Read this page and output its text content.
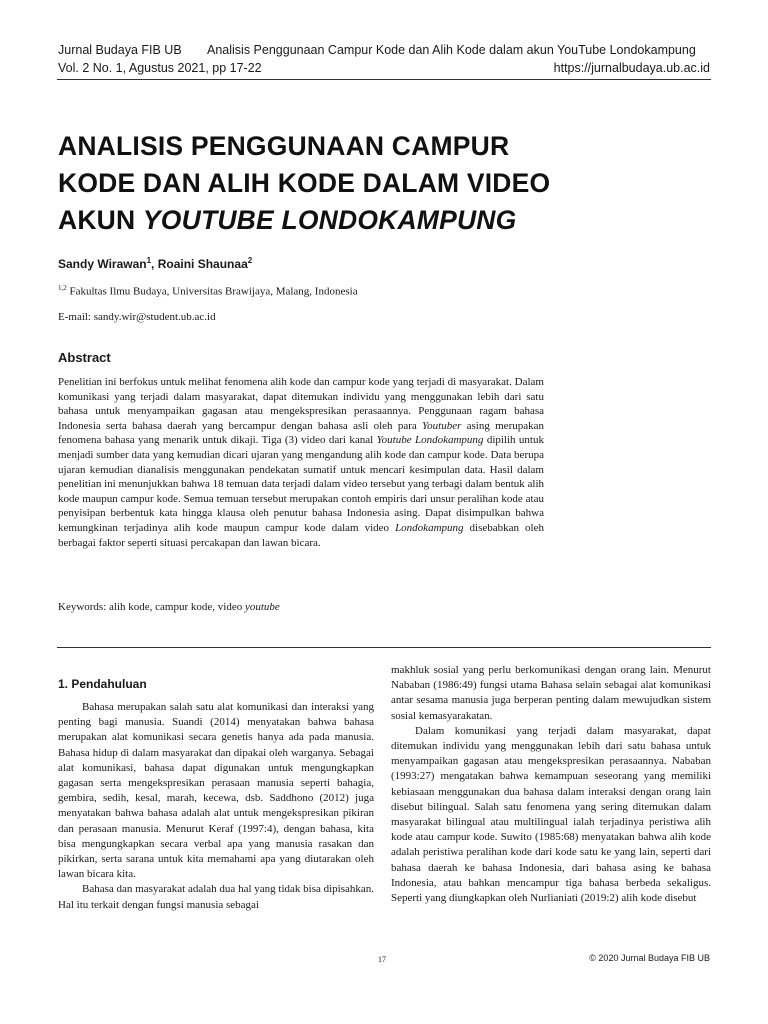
Jurnal Budaya FIB UB Analisis Penggunaan Campur Kode dan Alih Kode dalam akun YouTube Londokampung
Vol. 2 No. 1, Agustus 2021, pp 17-22	https://jurnalbudaya.ub.ac.id
ANALISIS PENGGUNAAN CAMPUR
KODE DAN ALIH KODE DALAM VIDEO
AKUN YOUTUBE LONDOKAMPUNG
Sandy Wirawan$^1$, Roaini Shaunaa$^2$
$^{1,2}$ Fakultas Ilmu Budaya, Universitas Brawijaya, Malang, Indonesia
E-mail: sandy.wir@student.ub.ac.id
Abstract
Penelitian ini berfokus untuk melihat fenomena alih kode dan campur kode yang terjadi di masyarakat. Dalam komunikasi yang terjadi dalam masyarakat, dapat ditemukan individu yang menggunakan lebih dari satu bahasa untuk menyampaikan gagasan atau mengekspresikan perasaannya. Penggunaan ragam bahasa Indonesia serta bahasa daerah yang bercampur dengan bahasa asli oleh para Youtuber asing merupakan fenomena bahasa yang menarik untuk dikaji. Tiga (3) video dari kanal Youtube Londokampung dipilih untuk menjadi sumber data yang kemudian dicari ujaran yang mengandung alih kode dan campur kode. Data berupa ujaran kemudian dianalisis menggunakan pendekatan sumatif untuk mencari kesimpulan data. Hasil dalam penelitian ini menunjukkan bahwa 18 temuan data terjadi dalam video tersebut yang terbagi dalam bentuk alih kode maupun campur kode. Semua temuan tersebut merupakan contoh empiris dari unsur peralihan kode atau penyisipan berbentuk kata hingga klausa oleh penutur bahasa Indonesia asing. Dapat disimpulkan bahwa kemungkinan terjadinya alih kode maupun campur kode dalam video Londokampung disebabkan oleh berbagai faktor seperti situasi percakapan dan lawan bicara.
Keywords: alih kode, campur kode, video youtube
1. Pendahuluan

Bahasa merupakan salah satu alat komunikasi dan interaksi yang penting bagi manusia. Suandi (2014) menyatakan bahwa bahasa merupakan alat komunikasi secara genetis hanya ada pada manusia. Bahasa hidup di dalam masyarakat dan dipakai oleh warganya. Sebagai alat komunikasi, bahasa dapat digunakan untuk mengungkapkan gagasan serta mengekspresikan perasaan manusia seperti bahagia, gembira, sedih, kesal, marah, kecewa, dsb. Saddhono (2012) juga menyatakan bahwa bahasa adalah alat untuk mengekspresikan pikiran dan perasaan manusia. Menurut Keraf (1997:4), dengan bahasa, kita bisa mengungkapkan secara verbal apa yang manusia rasakan dan pikirkan, serta sarana untuk kita memahami apa yang diutarakan oleh lawan bicara kita.

Bahasa dan masyarakat adalah dua hal yang tidak bisa dipisahkan. Hal itu terkait dengan fungsi manusia sebagai

makhluk sosial yang perlu berkomunikasi dengan orang lain. Menurut Nababan (1986:49) fungsi utama Bahasa selain sebagai alat komunikasi antar sesama manusia juga berperan penting dalam mewujudkan sistem sosial kemasyarakatan.

Dalam komunikasi yang terjadi dalam masyarakat, dapat ditemukan individu yang menggunakan lebih dari satu bahasa untuk menyampaikan gagasan atau mengekspresikan perasaannya. Nababan (1993:27) mengatakan bahwa kemampuan seseorang yang memiliki kebiasaan menggunakan dua bahasa dalam interaksi dengan orang lain disebut bilingual. Salah satu fenomena yang sering ditemukan dalam masyarakat bilingual atau multilingual ialah terjadinya peristiwa alih kode atau campur kode. Suwito (1985:68) menyatakan bahwa alih kode adalah peristiwa peralihan kode dari kode satu ke yang lain, seperti dari bahasa daerah ke bahasa Indonesia, dari bahasa asing ke bahasa Indonesia, atau bahkan mencampur tiga bahasa berbeda sekaligus. Seperti yang diungkapkan oleh Nurlianiati (2019:2) alih kode disebut

17	© 2020 Jurnal Budaya FIB UB
